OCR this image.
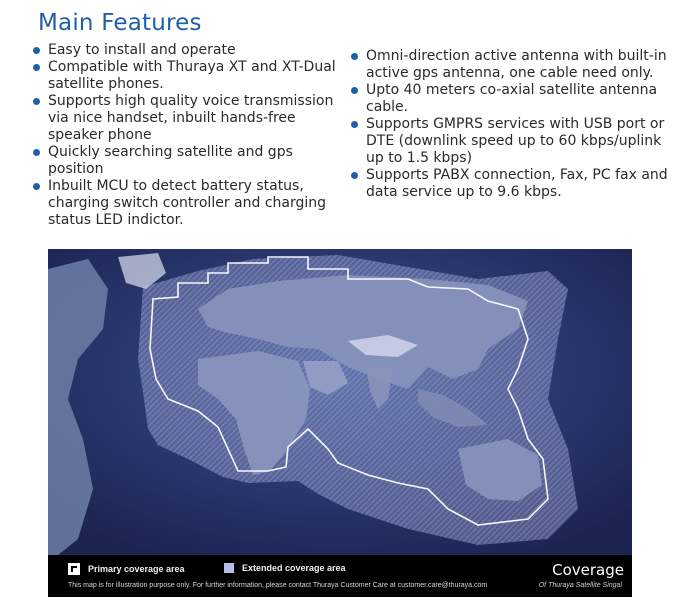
Main Features
Easy to install and operate
Compatible with Thuraya XT and XT-Dual satellite phones.
Supports high quality voice transmission via nice handset, inbuilt hands-free speaker phone
Quickly searching satellite and gps position
Inbuilt MCU to detect battery status, charging switch controller and charging status LED indictor.
Omni-direction active antenna with built-in active gps antenna, one cable need only.
Upto 40 meters co-axial satellite antenna cable.
Supports GMPRS services with USB port or DTE (downlink speed up to 60 kbps/uplink up to 1.5 kbps)
Supports PABX connection, Fax, PC fax and data service up to 9.6 kbps.
Primary coverage area	Extended coverage area
This map is for illustration purpose only. For further information, please contact Thuraya Customer Care at customer.care@thuraya.com
Coverage
Of Thuraya Satellite Singal
